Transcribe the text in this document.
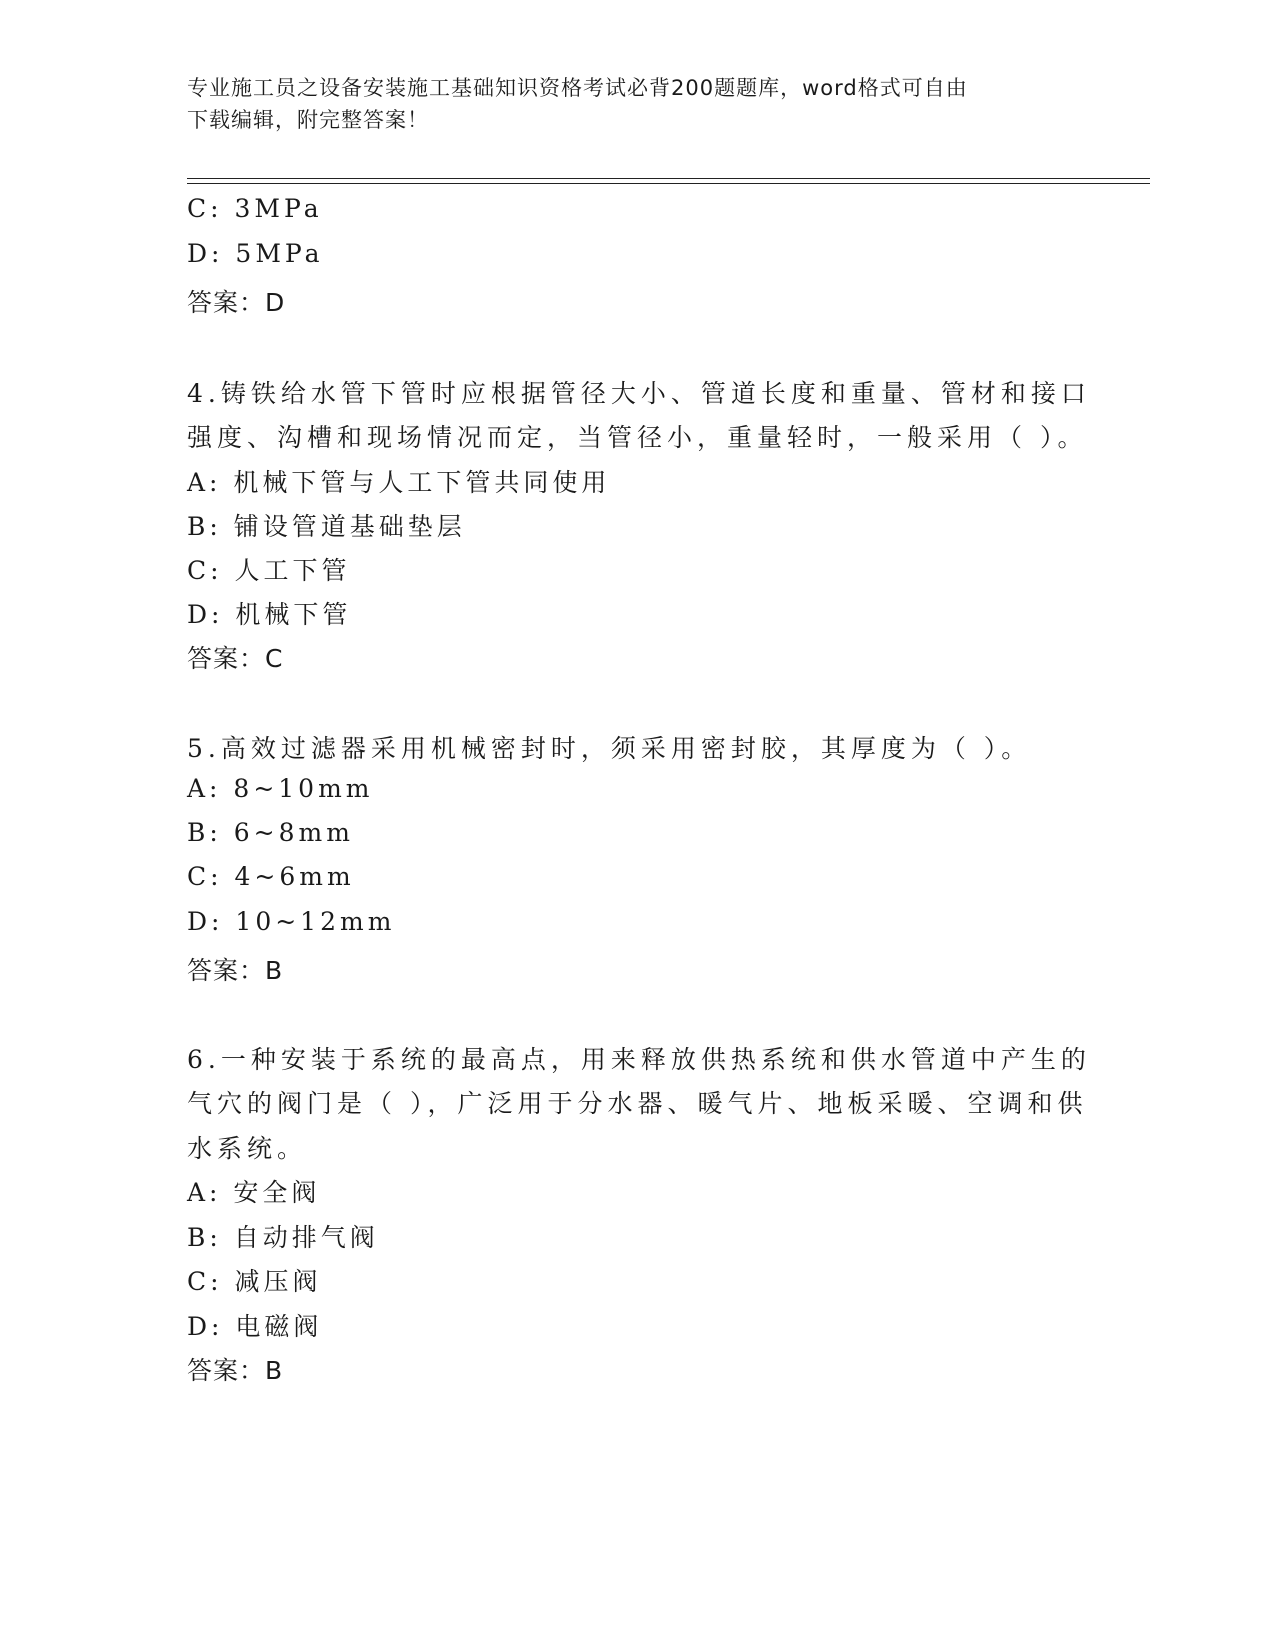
专业施工员之设备安装施工基础知识资格考试必背200题题库，word格式可自由
下载编辑，附完整答案！
C: 3MPa
D: 5MPa
答案：D
4.铸铁给水管下管时应根据管径大小、管道长度和重量、管材和接口
强度、沟槽和现场情况而定，当管径小，重量轻时，一般采用（ ）。
A: 机械下管与人工下管共同使用
B: 铺设管道基础垫层
C: 人工下管
D: 机械下管
答案：C
5.高效过滤器采用机械密封时，须采用密封胶，其厚度为（ ）。
A: 8~10mm
B: 6~8mm
C: 4~6mm
D: 10~12mm
答案：B
6.一种安装于系统的最高点，用来释放供热系统和供水管道中产生的
气穴的阀门是（ ），广泛用于分水器、暖气片、地板采暖、空调和供
水系统。
A: 安全阀
B: 自动排气阀
C: 减压阀
D: 电磁阀
答案：B
